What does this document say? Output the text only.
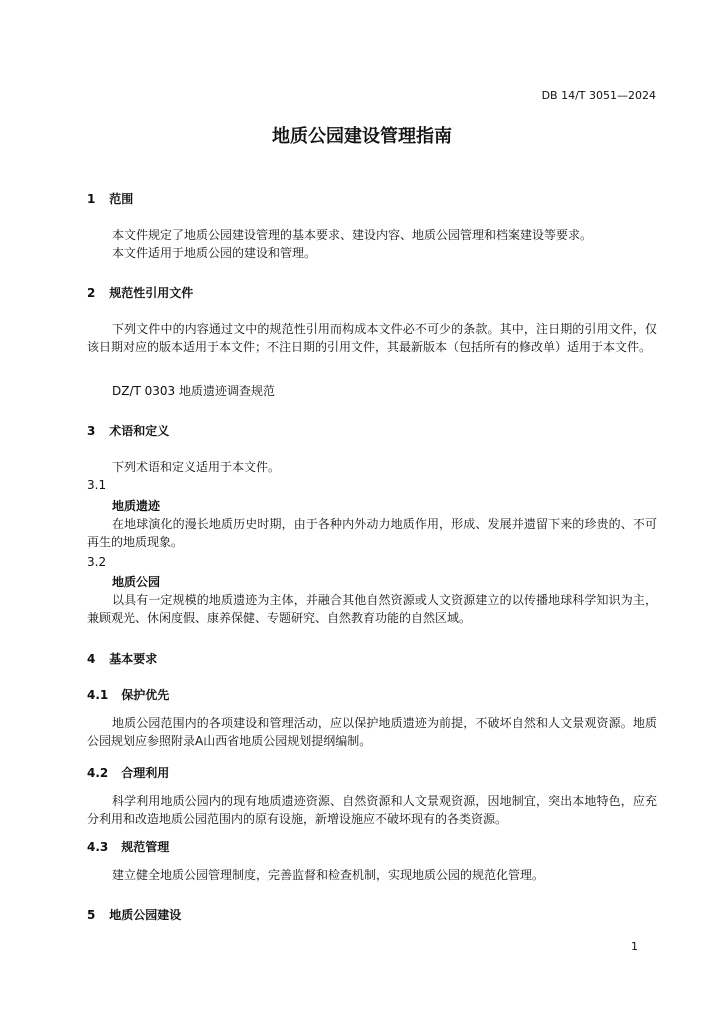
DB 14/T 3051—2024
地质公园建设管理指南
1 范围

本文件规定了地质公园建设管理的基本要求、建设内容、地质公园管理和档案建设等要求。

本文件适用于地质公园的建设和管理。

2 规范性引用文件

下列文件中的内容通过文中的规范性引用而构成本文件必不可少的条款。其中，注日期的引用文件，仅该日期对应的版本适用于本文件；不注日期的引用文件，其最新版本（包括所有的修改单）适用于本文件。

DZ/T 0303 地质遗迹调查规范

3 术语和定义

下列术语和定义适用于本文件。

3.1
地质遗迹

在地球演化的漫长地质历史时期，由于各种内外动力地质作用，形成、发展并遗留下来的珍贵的、不可再生的地质现象。

3.2
地质公园

以具有一定规模的地质遗迹为主体，并融合其他自然资源或人文资源建立的以传播地球科学知识为主，兼顾观光、休闲度假、康养保健、专题研究、自然教育功能的自然区域。

4 基本要求
4.1 保护优先

地质公园范围内的各项建设和管理活动，应以保护地质遗迹为前提，不破坏自然和人文景观资源。地质公园规划应参照附录A山西省地质公园规划提纲编制。

4.2 合理利用

科学利用地质公园内的现有地质遗迹资源、自然资源和人文景观资源，因地制宜，突出本地特色，应充分利用和改造地质公园范围内的原有设施，新增设施应不破坏现有的各类资源。

4.3 规范管理

建立健全地质公园管理制度，完善监督和检查机制，实现地质公园的规范化管理。

5 地质公园建设
1
